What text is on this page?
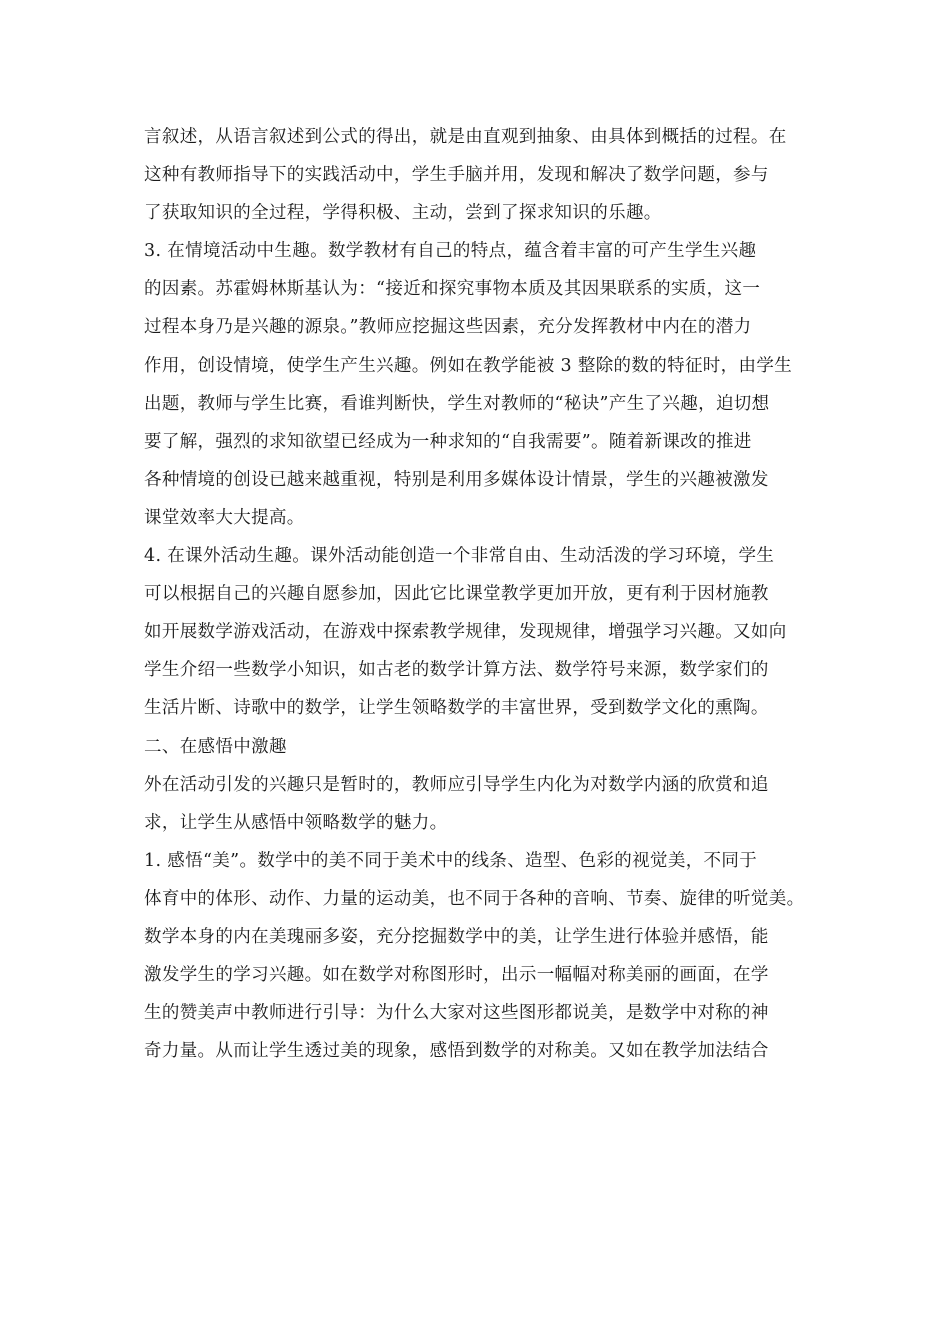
言叙述，从语言叙述到公式的得出，就是由直观到抽象、由具体到概括的过程。在
这种有教师指导下的实践活动中，学生手脑并用，发现和解决了数学问题，参与
了获取知识的全过程，学得积极、主动，尝到了探求知识的乐趣。
3. 在情境活动中生趣。数学教材有自己的特点，蕴含着丰富的可产生学生兴趣
的因素。苏霍姆林斯基认为：“接近和探究事物本质及其因果联系的实质，这一
过程本身乃是兴趣的源泉。”教师应挖掘这些因素，充分发挥教材中内在的潜力
作用，创设情境，使学生产生兴趣。例如在教学能被 3 整除的数的特征时，由学生
出题，教师与学生比赛，看谁判断快，学生对教师的“秘诀”产生了兴趣，迫切想
要了解，强烈的求知欲望已经成为一种求知的“自我需要”。随着新课改的推进
各种情境的创设已越来越重视，特别是利用多媒体设计情景，学生的兴趣被激发
课堂效率大大提高。
4. 在课外活动生趣。课外活动能创造一个非常自由、生动活泼的学习环境，学生
可以根据自己的兴趣自愿参加，因此它比课堂教学更加开放，更有利于因材施教
如开展数学游戏活动，在游戏中探索教学规律，发现规律，增强学习兴趣。又如向
学生介绍一些数学小知识，如古老的数学计算方法、数学符号来源，数学家们的
生活片断、诗歌中的数学，让学生领略数学的丰富世界，受到数学文化的熏陶。
二、在感悟中激趣
外在活动引发的兴趣只是暂时的，教师应引导学生内化为对数学内涵的欣赏和追
求，让学生从感悟中领略数学的魅力。
1. 感悟“美”。数学中的美不同于美术中的线条、造型、色彩的视觉美，不同于
体育中的体形、动作、力量的运动美，也不同于各种的音响、节奏、旋律的听觉美。
数学本身的内在美瑰丽多姿，充分挖掘数学中的美，让学生进行体验并感悟，能
激发学生的学习兴趣。如在数学对称图形时，出示一幅幅对称美丽的画面，在学
生的赞美声中教师进行引导：为什么大家对这些图形都说美，是数学中对称的神
奇力量。从而让学生透过美的现象，感悟到数学的对称美。又如在教学加法结合
